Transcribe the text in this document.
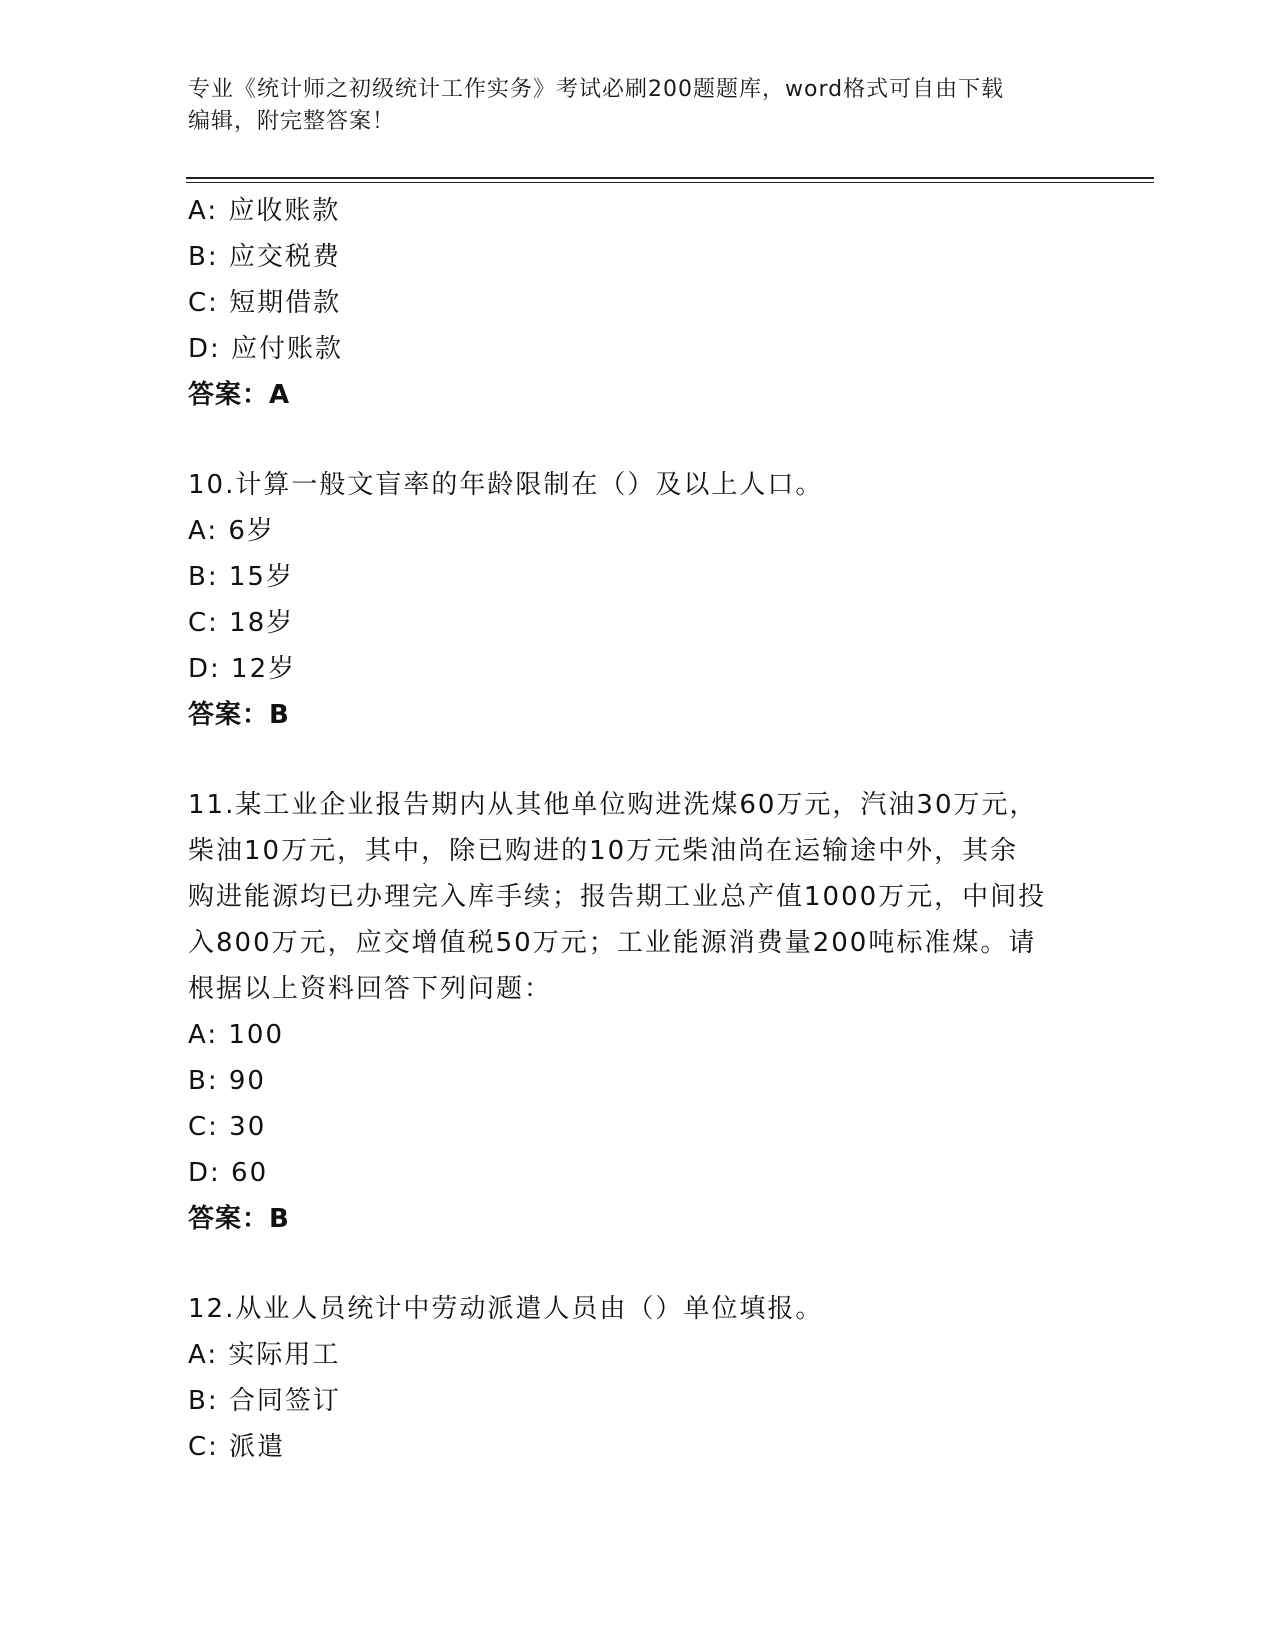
专业《统计师之初级统计工作实务》考试必刷200题题库，word格式可自由下载
编辑，附完整答案！
A: 应收账款
B: 应交税费
C: 短期借款
D: 应付账款
答案：A
10.计算一般文盲率的年龄限制在（）及以上人口。
A: 6岁
B: 15岁
C: 18岁
D: 12岁
答案：B
11.某工业企业报告期内从其他单位购进洗煤60万元，汽油30万元，
柴油10万元，其中，除已购进的10万元柴油尚在运输途中外，其余
购进能源均已办理完入库手续；报告期工业总产值1000万元，中间投
入800万元，应交增值税50万元；工业能源消费量200吨标准煤。请
根据以上资料回答下列问题：
A: 100
B: 90
C: 30
D: 60
答案：B
12.从业人员统计中劳动派遣人员由（）单位填报。
A: 实际用工
B: 合同签订
C: 派遣
